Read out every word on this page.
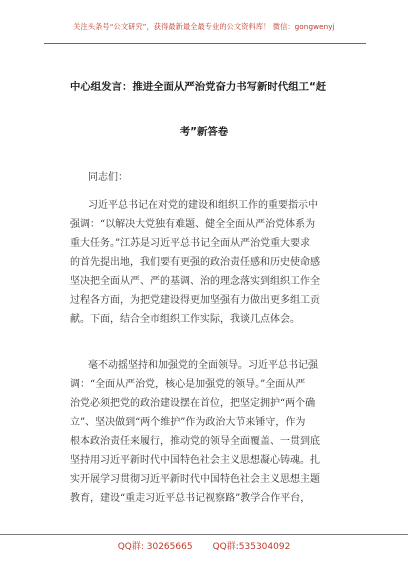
关注头条号“公文研究”，获得最新最全最专业的公文资料库！ 微信：gongwenyj
中心组发言：推进全面从严治党奋力书写新时代组工“赶
考”新答卷
同志们：
习近平总书记在对党的建设和组织工作的重要指示中
强调：“以解决大党独有难题、健全全面从严治党体系为
重大任务。”江苏是习近平总书记全面从严治党重大要求
的首先提出地，我们要有更强的政治责任感和历史使命感
坚决把全面从严、严的基调、治的理念落实到组织工作全
过程各方面，为把党建设得更加坚强有力做出更多组工贡
献。下面，结合全市组织工作实际，我谈几点体会。
毫不动摇坚持和加强党的全面领导。习近平总书记强
调：“全面从严治党，核心是加强党的领导。”全面从严
治党必须把党的政治建设摆在首位，把坚定拥护“两个确
立”、坚决做到“两个维护”作为政治大节来锤守，作为
根本政治责任来履行，推动党的领导全面覆盖、一贯到底
坚持用习近平新时代中国特色社会主义思想凝心铸魂。扎
实开展学习贯彻习近平新时代中国特色社会主义思想主题
教育，建设“重走习近平总书记视察路”教学合作平台，
QQ群: 30265665 QQ群:535304092
